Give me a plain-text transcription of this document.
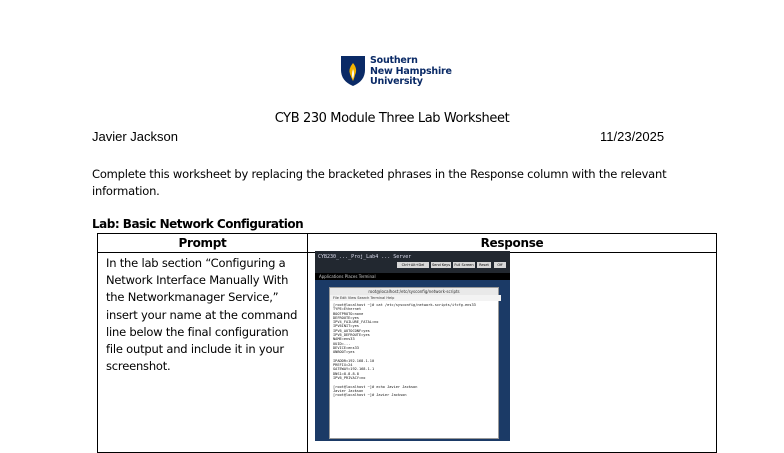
Southern
New Hampshire
University
CYB 230 Module Three Lab Worksheet
Javier Jackson	11/23/2025
Complete this worksheet by replacing the bracketed phrases in the Response column with the relevant information.
Lab: Basic Network Configuration
Prompt	Response
In the lab section “Configuring a Network Interface Manually With the Networkmanager Service,” insert your name at the command line below the final configuration file output and include it in your screenshot.
CYB230_..._Proj_Lab4 ... Server
Ctrl+Alt+Del	Send Keys	Full Screen	Reset	Off
Applications Places Terminal
root@localhost:/etc/sysconfig/network-scripts
File Edit View Search Terminal Help
[root@localhost ~]# cat /etc/sysconfig/network-scripts/ifcfg-ens33
TYPE=Ethernet
BOOTPROTO=none
DEFROUTE=yes
IPV4_FAILURE_FATAL=no
IPV6INIT=yes
IPV6_AUTOCONF=yes
IPV6_DEFROUTE=yes
NAME=ens33
UUID=...
DEVICE=ens33
ONBOOT=yes

IPADDR=192.168.1.10
PREFIX=24
GATEWAY=192.168.1.1
DNS1=8.8.8.8
IPV6_PRIVACY=no

[root@localhost ~]# echo Javier Jackson
Javier Jackson
[root@localhost ~]# Javier Jackson
